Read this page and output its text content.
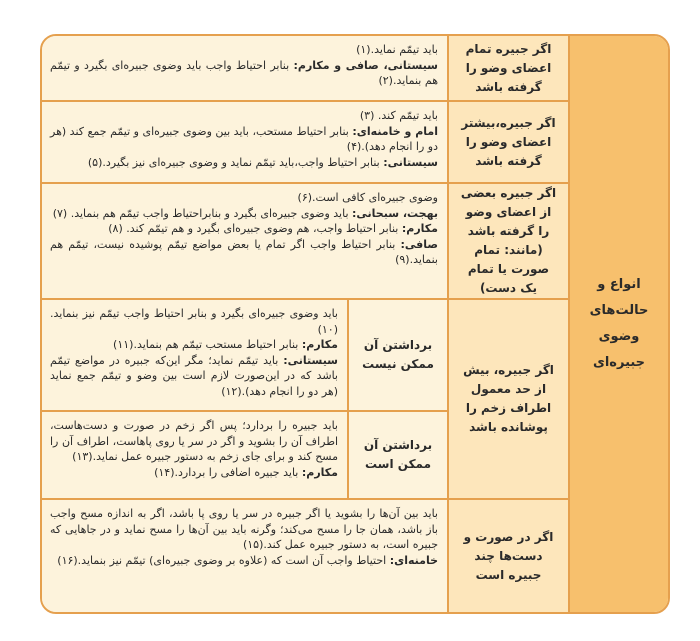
انواع و حالت‌های وضوی جبیره‌ای
اگر جبیره تمام اعضای وضو را گرفته باشد
باید تیمّم نماید.(۱)
سیستانی، صافی و مکارم: بنابر احتیاط واجب باید وضوی جبیره‌ای بگیرد و تیمّم هم بنماید.(۲)
اگر جبیره،بیشتر اعضای وضو را گرفته باشد
باید تیمّم کند. (۳)
امام و خامنه‌ای: بنابر احتیاط مستحب، باید بین وضوی جبیره‌ای و تیمّم جمع کند (هر دو را انجام دهد).(۴)
سیستانی: بنابر احتیاط واجب،باید تیمّم نماید و وضوی جبیره‌ای نیز بگیرد.(۵)
اگر جبیره بعضی از اعضای وضو را گرفته باشد (مانند: تمام صورت یا تمام یک دست)
وضوی جبیره‌ای کافی است.(۶)
بهجت، سبحانی: باید وضوی جبیره‌ای بگیرد و بنابراحتیاط واجب تیمّم هم بنماید. (۷)
مکارم: بنابر احتیاط واجب، هم وضوی جبیره‌ای بگیرد و هم تیمّم کند. (۸)
صافی: بنابر احتیاط واجب اگر تمام یا بعض مواضع تیمّم پوشیده نیست، تیمّم هم بنماید.(۹)
اگر جبیره، بیش از حد معمول اطراف زخم را پوشانده باشد
برداشتن آن ممکن نیست
باید وضوی جبیره‌ای بگیرد و بنابر احتیاط واجب تیمّم نیز بنماید. (۱۰)
مکارم: بنابر احتیاط مستحب تیمّم هم بنماید.(۱۱)
سیستانی: باید تیمّم نماید؛ مگر این‌که جبیره در مواضع تیمّم باشد که در این‌صورت لازم است بین وضو و تیمّم جمع نماید (هر دو را انجام دهد).(۱۲)
برداشتن آن ممکن است
باید جبیره را بردارد؛ پس اگر زخم در صورت و دست‌هاست، اطراف آن را بشوید و اگر در سر یا روی پاهاست، اطراف آن را مسح کند و برای جای زخم به دستور جبیره عمل نماید.(۱۳)
مکارم: باید جبیره اضافی را بردارد.(۱۴)
اگر در صورت و دست‌ها چند جبیره است
باید بین آن‌ها را بشوید یا اگر جبیره در سر یا روی پا باشد، اگر به اندازه مسح واجب باز باشد، همان جا را مسح می‌کند؛ وگرنه باید بین آن‌ها را مسح نماید و در جاهایی که جبیره است، به دستور جبیره عمل کند.(۱۵)
خامنه‌ای: احتیاط واجب آن است که (علاوه بر وضوی جبیره‌ای) تیمّم نیز بنماید.(۱۶)
